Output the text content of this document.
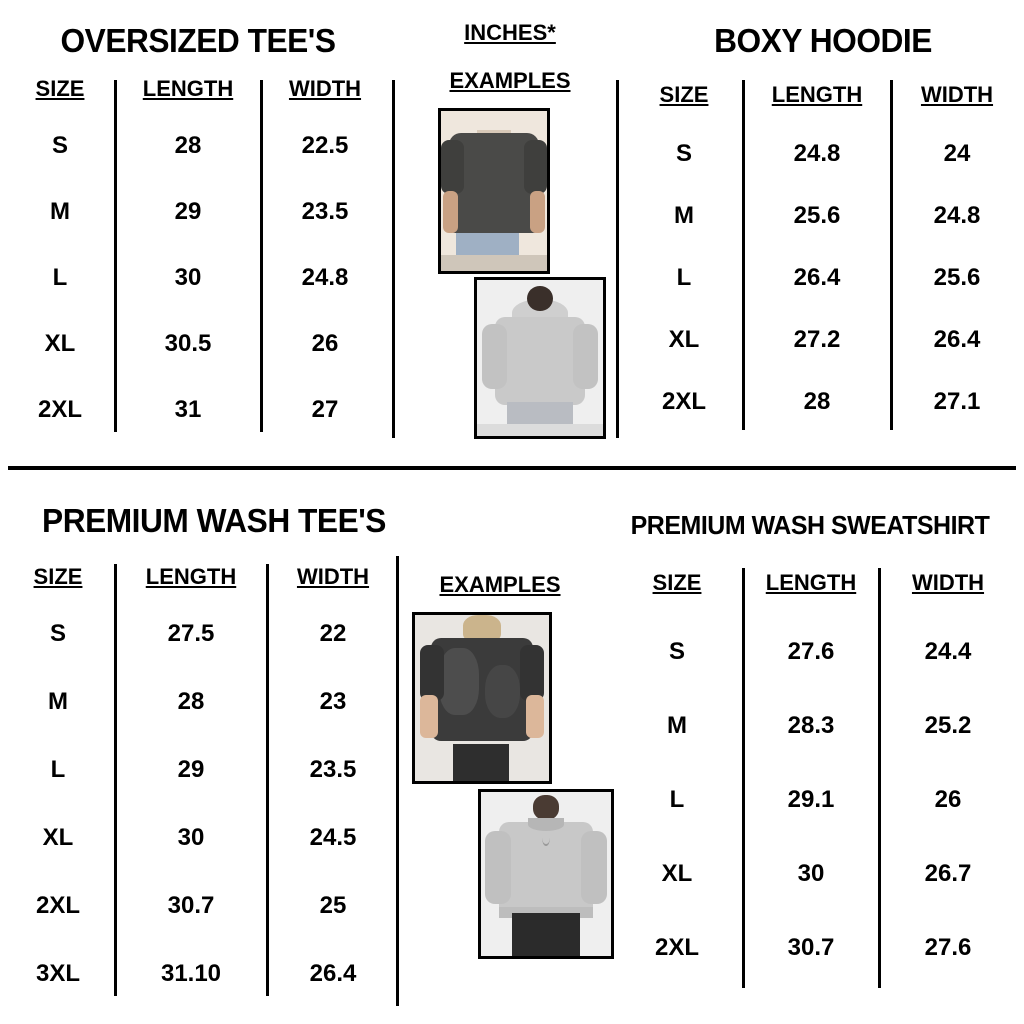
OVERSIZED TEE'S
SIZE	LENGTH	WIDTH
S	28	22.5
M	29	23.5
L	30	24.8
XL	30.5	26
2XL	31	27
INCHES*
EXAMPLES
BOXY HOODIE
SIZE	LENGTH	WIDTH
S	24.8	24
M	25.6	24.8
L	26.4	25.6
XL	27.2	26.4
2XL	28	27.1
PREMIUM WASH TEE'S
SIZE	LENGTH	WIDTH
S	27.5	22
M	28	23
L	29	23.5
XL	30	24.5
2XL	30.7	25
3XL	31.10	26.4
EXAMPLES
PREMIUM WASH SWEATSHIRT
SIZE	LENGTH	WIDTH
S	27.6	24.4
M	28.3	25.2
L	29.1	26
XL	30	26.7
2XL	30.7	27.6
